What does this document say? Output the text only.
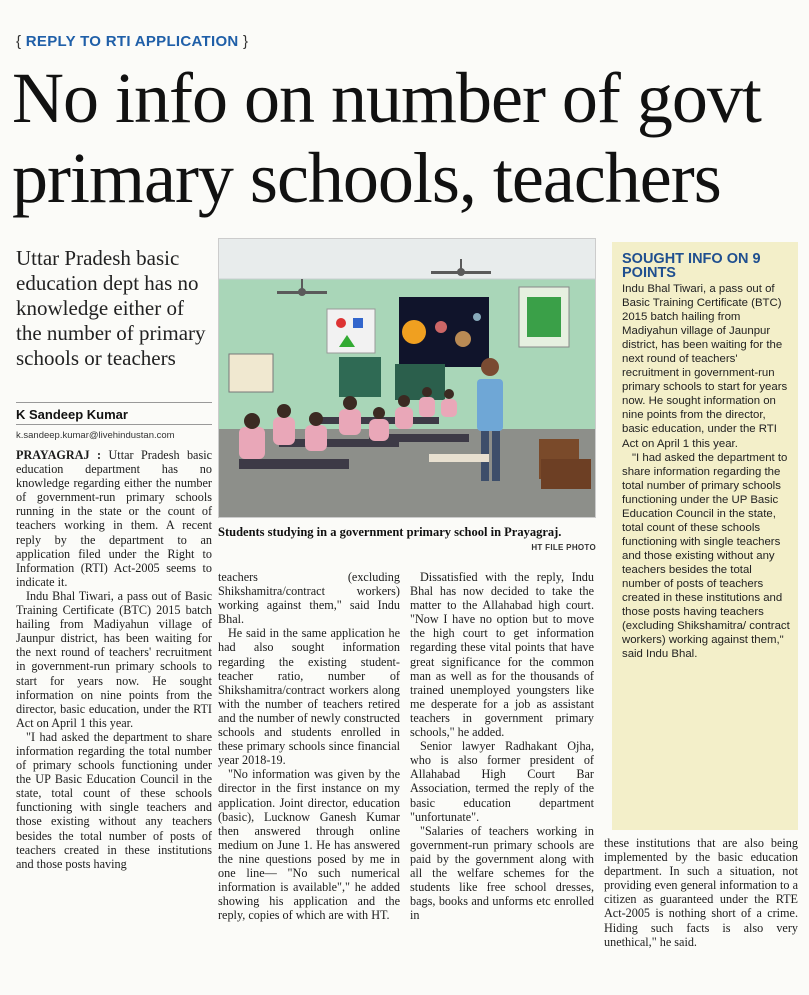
{ REPLY TO RTI APPLICATION }
No info on number of govt primary schools, teachers
Uttar Pradesh basic education dept has no knowledge either of the number of primary schools or teachers
K Sandeep Kumar
k.sandeep.kumar@livehindustan.com

PRAYAGRAJ : Uttar Pradesh basic education department has no knowledge regarding either the number of government-run primary schools running in the state or the count of teachers working in them. A recent reply by the department to an application filed under the Right to Information (RTI) Act-2005 seems to indicate it.

Indu Bhal Tiwari, a pass out of Basic Training Certificate (BTC) 2015 batch hailing from Madiyahun village of Jaunpur district, has been waiting for the next round of teachers' recruitment in government-run primary schools to start for years now. He sought information on nine points from the director, basic education, under the RTI Act on April 1 this year.

"I had asked the department to share information regarding the total number of primary schools functioning under the UP Basic Education Council in the state, total count of these schools functioning with single teachers and those existing without any teachers besides the total number of posts of teachers created in these institutions and those posts having

Students studying in a government primary school in Prayagraj.
HT FILE PHOTO

teachers (excluding Shikshamitra/contract workers) working against them," said Indu Bhal.

He said in the same application he had also sought information regarding the existing student-teacher ratio, number of Shikshamitra/contract workers along with the number of teachers retired and the number of newly constructed schools and students enrolled in these primary schools since financial year 2018-19.

"No information was given by the director in the first instance on my application. Joint director, education (basic), Lucknow Ganesh Kumar then answered through online medium on June 1. He has answered the nine questions posed by me in one line— "No such numerical information is available"," he added showing his application and the reply, copies of which are with HT.

Dissatisfied with the reply, Indu Bhal has now decided to take the matter to the Allahabad high court. "Now I have no option but to move the high court to get information regarding these vital points that have great significance for the common man as well as for the thousands of trained unemployed youngsters like me desperate for a job as assistant teachers in government primary schools," he added.

Senior lawyer Radhakant Ojha, who is also former president of Allahabad High Court Bar Association, termed the reply of the basic education department "unfortunate".

"Salaries of teachers working in government-run primary schools are paid by the government along with all the welfare schemes for the students like free school dresses, bags, books and unforms etc enrolled in

SOUGHT INFO ON 9 POINTS

Indu Bhal Tiwari, a pass out of Basic Training Certificate (BTC) 2015 batch hailing from Madiyahun village of Jaunpur district, has been waiting for the next round of teachers' recruitment in government-run primary schools to start for years now. He sought information on nine points from the director, basic education, under the RTI Act on April 1 this year.

"I had asked the department to share information regarding the total number of primary schools functioning under the UP Basic Education Council in the state, total count of these schools functioning with single teachers and those existing without any teachers besides the total number of posts of teachers created in these institutions and those posts having teachers (excluding Shikshamitra/ contract workers) working against them," said Indu Bhal.

these institutions that are also being implemented by the basic education department. In such a situation, not providing even general information to a citizen as guaranteed under the RTE Act-2005 is nothing short of a crime. Hiding such facts is also very unethical," he said.
